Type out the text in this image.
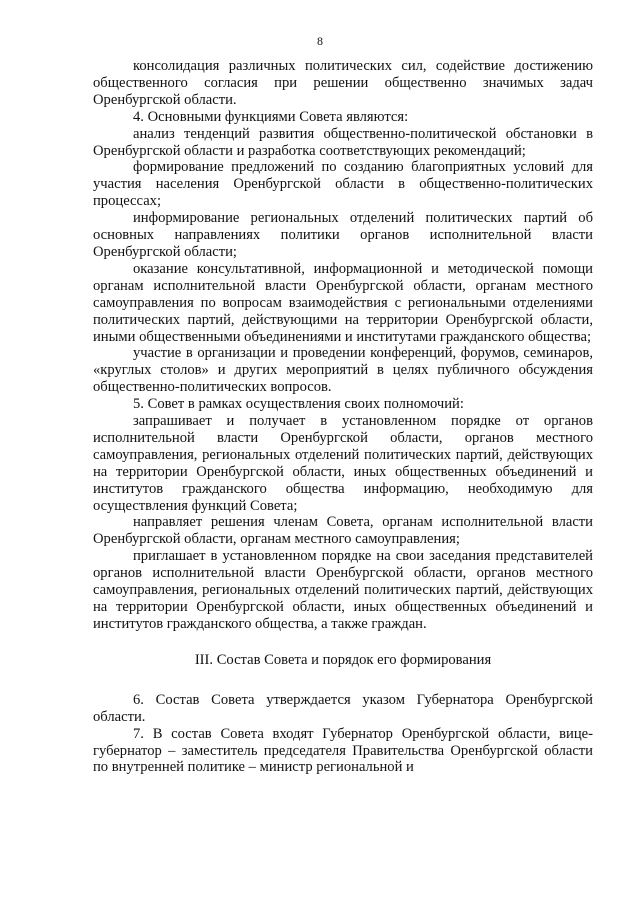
8

консолидация различных политических сил, содействие достижению общественного согласия при решении общественно значимых задач Оренбургской области.

4. Основными функциями Совета являются:

анализ тенденций развития общественно-политической обстановки в Оренбургской области и разработка соответствующих рекомендаций;

формирование предложений по созданию благоприятных условий для участия населения Оренбургской области в общественно-политических процессах;

информирование региональных отделений политических партий об основных направлениях политики органов исполнительной власти Оренбургской области;

оказание консультативной, информационной и методической помощи органам исполнительной власти Оренбургской области, органам местного самоуправления по вопросам взаимодействия с региональными отделениями политических партий, действующими на территории Оренбургской области, иными общественными объединениями и институтами гражданского общества;

участие в организации и проведении конференций, форумов, семинаров, «круглых столов» и других мероприятий в целях публичного обсуждения общественно-политических вопросов.

5. Совет в рамках осуществления своих полномочий:

запрашивает и получает в установленном порядке от органов исполнительной власти Оренбургской области, органов местного самоуправления, региональных отделений политических партий, действующих на территории Оренбургской области, иных общественных объединений и институтов гражданского общества информацию, необходимую для осуществления функций Совета;

направляет решения членам Совета, органам исполнительной власти Оренбургской области, органам местного самоуправления;

приглашает в установленном порядке на свои заседания представителей органов исполнительной власти Оренбургской области, органов местного самоуправления, региональных отделений политических партий, действующих на территории Оренбургской области, иных общественных объединений и институтов гражданского общества, а также граждан.

III. Состав Совета и порядок его формирования

6. Состав Совета утверждается указом Губернатора Оренбургской области.

7. В состав Совета входят Губернатор Оренбургской области, вице-губернатор – заместитель председателя Правительства Оренбургской области по внутренней политике – министр региональной и
